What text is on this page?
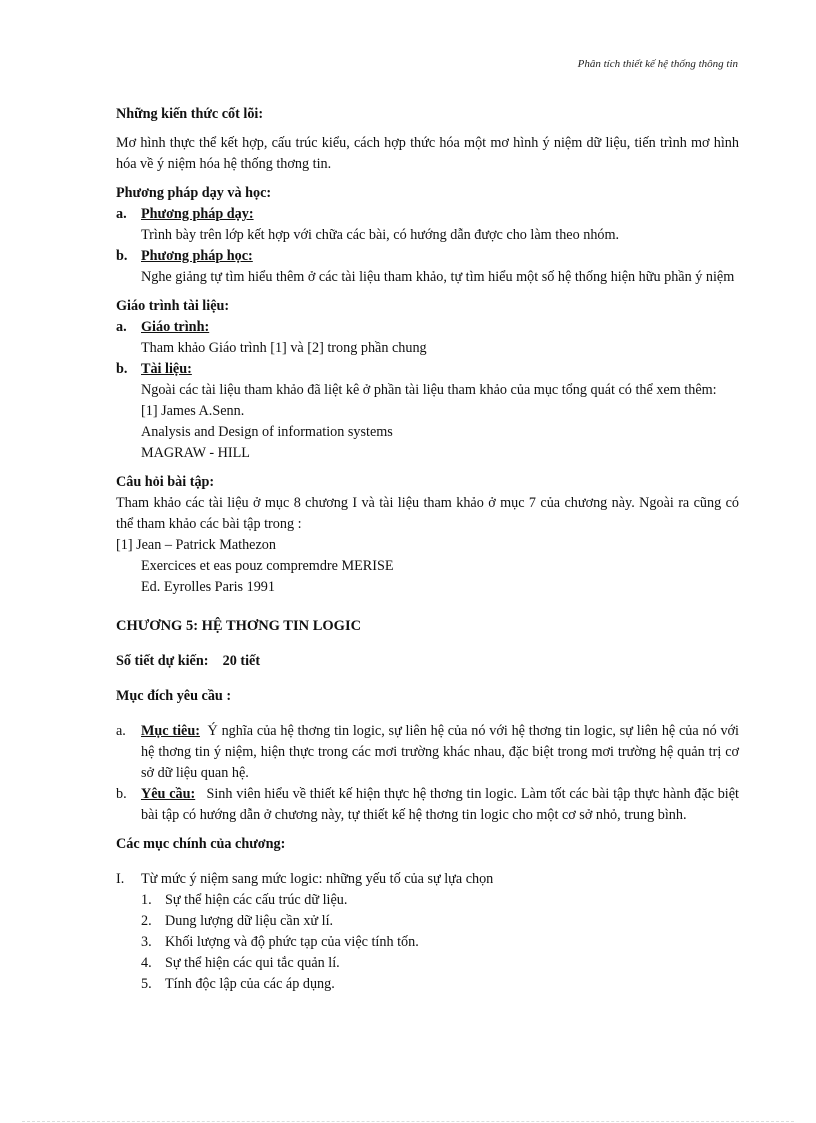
Phân tích thiết kế hệ thống thông tin
Những kiến thức cốt lõi:

Mơ hình thực thể kết hợp, cấu trúc kiểu, cách hợp thức hóa một mơ hình ý niệm dữ liệu, tiến trình mơ hình hóa về ý niệm hóa hệ thống thơng tin.

Phương pháp dạy và học:
a.	Phương pháp dạy:

Trình bày trên lớp kết hợp với chữa các bài, có hướng dẫn được cho làm theo nhóm.

b. Phương pháp học:

Nghe giảng tự tìm hiểu thêm ở các tài liệu tham khảo, tự tìm hiểu một số hệ thống hiện hữu phần ý niệm

Giáo trình tài liệu:
a.	Giáo trình:

Tham khảo Giáo trình [1] và [2] trong phần chung

b. Tài liệu:

Ngoài các tài liệu tham khảo đã liệt kê ở phần tài liệu tham khảo của mục tổng quát có thể xem thêm:

[1] James A.Senn.

Analysis and Design of information systems

MAGRAW - HILL

Câu hỏi bài tập:

Tham khảo các tài liệu ở mục 8 chương I và tài liệu tham khảo ở mục 7 của chương này. Ngoài ra cũng có thể tham khảo các bài tập trong :

[1] Jean – Patrick Mathezon

Exercices et eas pouz compremdre MERISE

Ed. Eyrolles Paris 1991

CHƯƠNG 5: HỆ THƠNG TIN LOGIC
Số tiết dự kiến: 20 tiết
Mục đích yêu cầu :
a.	Mục tiêu: Ý nghĩa của hệ thơng tin logic, sự liên hệ của nó với hệ thơng tin logic, sự liên hệ của nó với hệ thơng tin ý niệm, hiện thực trong các mơi trường khác nhau, đặc biệt trong mơi trường hệ quản trị cơ sở dữ liệu quan hệ.

b.	Yêu cầu: Sinh viên hiểu về thiết kế hiện thực hệ thơng tin logic. Làm tốt các bài tập thực hành đặc biệt bài tập có hướng dẫn ở chương này, tự thiết kế hệ thơng tin logic cho một cơ sở nhỏ, trung bình.

Các mục chính của chương:
I.	Từ mức ý niệm sang mức logic: những yếu tố của sự lựa chọn
1. Sự thể hiện các cấu trúc dữ liệu.
2. Dung lượng dữ liệu cần xử lí.
3. Khối lượng và độ phức tạp của việc tính tốn.
4. Sự thể hiện các qui tắc quản lí.
5. Tính độc lập của các áp dụng.
